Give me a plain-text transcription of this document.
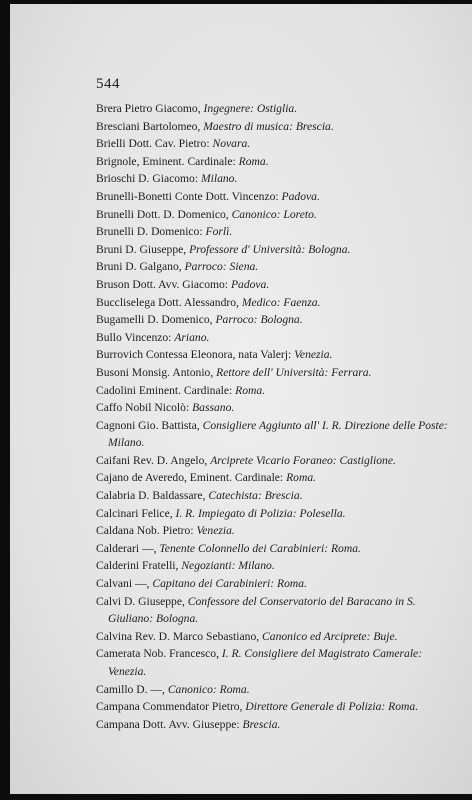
544
Brera Pietro Giacomo, Ingegnere: Ostiglia.
Bresciani Bartolomeo, Maestro di musica: Brescia.
Brielli Dott. Cav. Pietro: Novara.
Brignole, Eminent. Cardinale: Roma.
Brioschi D. Giacomo: Milano.
Brunelli-Bonetti Conte Dott. Vincenzo: Padova.
Brunelli Dott. D. Domenico, Canonico: Loreto.
Brunelli D. Domenico: Forlì.
Bruni D. Giuseppe, Professore d' Università: Bologna.
Bruni D. Galgano, Parroco: Siena.
Bruson Dott. Avv. Giacomo: Padova.
Buccliselega Dott. Alessandro, Medico: Faenza.
Bugamelli D. Domenico, Parroco: Bologna.
Bullo Vincenzo: Ariano.
Burrovich Contessa Eleonora, nata Valerj: Venezia.
Busoni Monsig. Antonio, Rettore dell' Università: Ferrara.
Cadolini Eminent. Cardinale: Roma.
Caffo Nobil Nicolò: Bassano.
Cagnoni Gio. Battista, Consigliere Aggiunto all' I. R. Direzione delle Poste: Milano.
Caifani Rev. D. Angelo, Arciprete Vicario Foraneo: Castiglione.
Cajano de Averedo, Eminent. Cardinale: Roma.
Calabria D. Baldassare, Catechista: Brescia.
Calcinari Felice, I. R. Impiegato di Polizia: Polesella.
Caldana Nob. Pietro: Venezia.
Calderari —, Tenente Colonnello dei Carabinieri: Roma.
Calderini Fratelli, Negozianti: Milano.
Calvani —, Capitano dei Carabinieri: Roma.
Calvi D. Giuseppe, Confessore del Conservatorio del Baracano in S. Giuliano: Bologna.
Calvina Rev. D. Marco Sebastiano, Canonico ed Arciprete: Buje.
Camerata Nob. Francesco, I. R. Consigliere del Magistrato Camerale: Venezia.
Camillo D. —, Canonico: Roma.
Campana Commendator Pietro, Direttore Generale di Polizia: Roma.
Campana Dott. Avv. Giuseppe: Brescia.
